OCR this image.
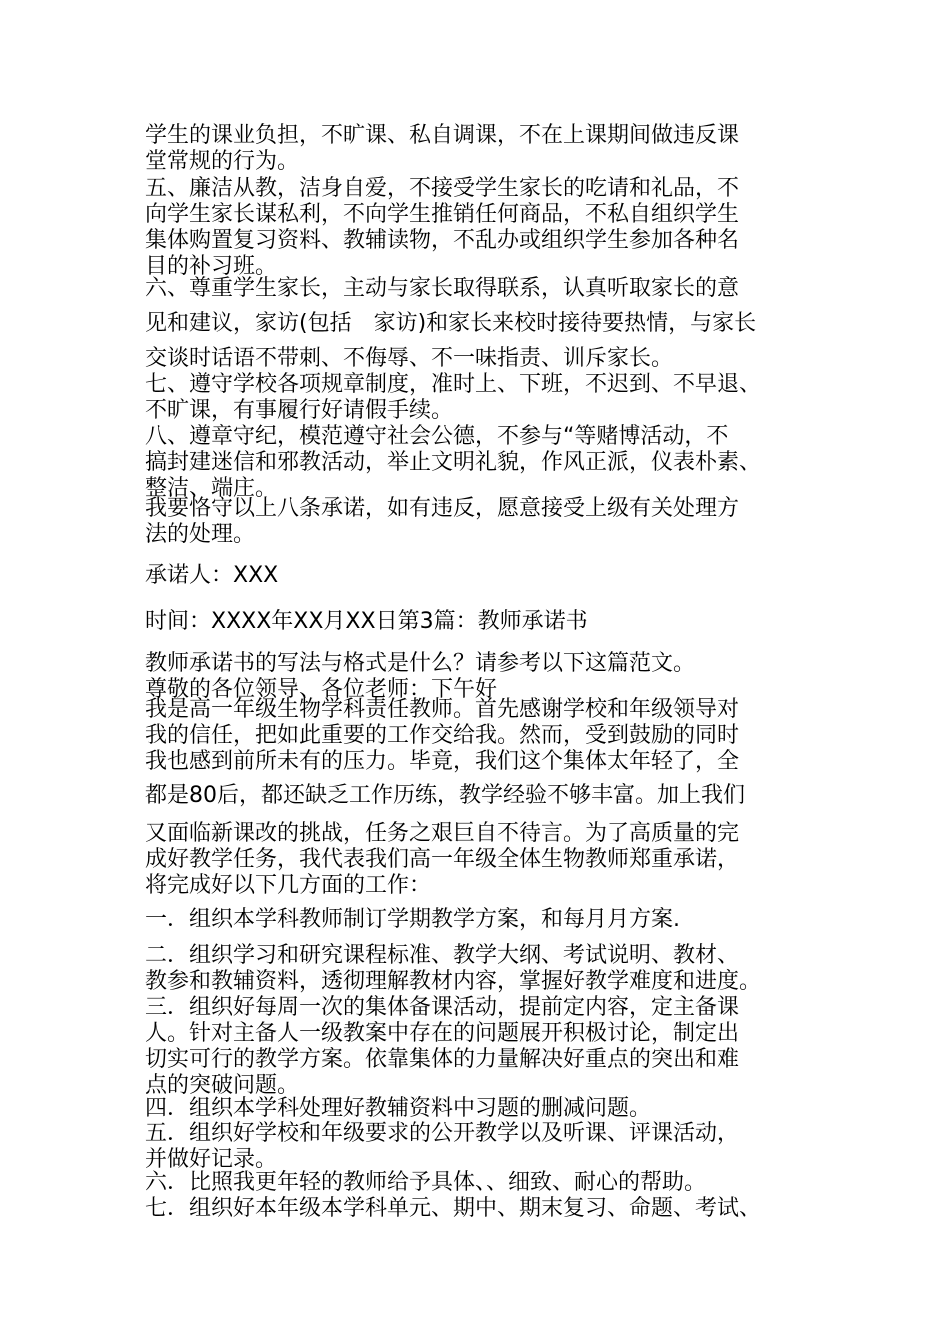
学生的课业负担，不旷课、私自调课，不在上课期间做违反课

堂常规的行为。

五、廉洁从教，洁身自爱，不接受学生家长的吃请和礼品，不

向学生家长谋私利，不向学生推销任何商品，不私自组织学生

集体购置复习资料、教辅读物，不乱办或组织学生参加各种名

目的补习班。

六、尊重学生家长，主动与家长取得联系，认真听取家长的意

见和建议，家访(包括　家访)和家长来校时接待要热情，与家长

交谈时话语不带刺、不侮辱、不一味指责、训斥家长。

七、遵守学校各项规章制度，准时上、下班，不迟到、不早退、

不旷课，有事履行好请假手续。

八、遵章守纪，模范遵守社会公德，不参与“等赌博活动，不

搞封建迷信和邪教活动，举止文明礼貌，作风正派，仪表朴素、

整洁、端庄。

我要恪守以上八条承诺，如有违反，愿意接受上级有关处理方

法的处理。

承诺人：XXX

时间：XXXX年XX月XX日第3篇：教师承诺书

教师承诺书的写法与格式是什么？请参考以下这篇范文。

尊敬的各位领导、各位老师：下午好

我是高一年级生物学科责任教师。首先感谢学校和年级领导对

我的信任，把如此重要的工作交给我。然而，受到鼓励的同时

我也感到前所未有的压力。毕竟，我们这个集体太年轻了，全

都是80后，都还缺乏工作历练，教学经验不够丰富。加上我们

又面临新课改的挑战，任务之艰巨自不待言。为了高质量的完

成好教学任务，我代表我们高一年级全体生物教师郑重承诺，

将完成好以下几方面的工作：

一．组织本学科教师制订学期教学方案，和每月月方案.

二．组织学习和研究课程标准、教学大纲、考试说明、教材、

教参和教辅资料，透彻理解教材内容，掌握好教学难度和进度。

三．组织好每周一次的集体备课活动，提前定内容，定主备课

人。针对主备人一级教案中存在的问题展开积极讨论，制定出

切实可行的教学方案。依靠集体的力量解决好重点的突出和难

点的突破问题。

四．组织本学科处理好教辅资料中习题的删减问题。

五．组织好学校和年级要求的公开教学以及听课、评课活动，

并做好记录。

六．比照我更年轻的教师给予具体、、细致、耐心的帮助。

七．组织好本年级本学科单元、期中、期末复习、命题、考试、
